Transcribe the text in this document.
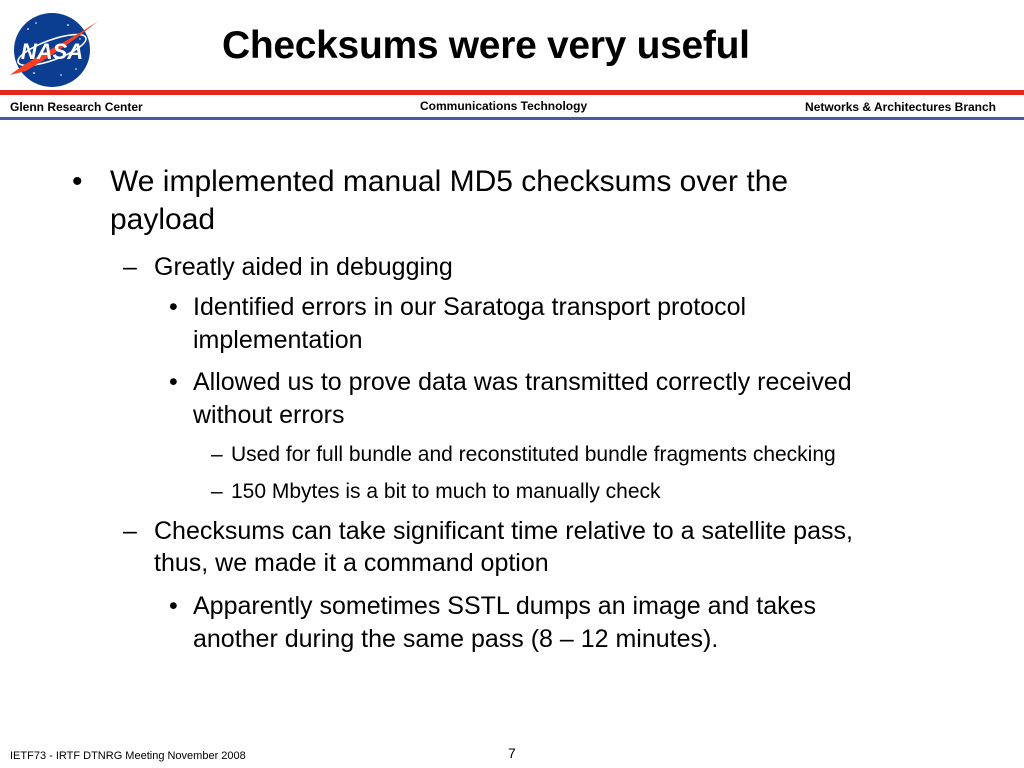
NASA	Checksums were very useful
Glenn Research Center	Communications Technology	Networks & Architectures Branch
• We implemented manual MD5 checksums over the
payload
– Greatly aided in debugging
• Identified errors in our Saratoga transport protocol
implementation
• Allowed us to prove data was transmitted correctly received
without errors
– Used for full bundle and reconstituted bundle fragments checking
– 150 Mbytes is a bit to much to manually check
– Checksums can take significant time relative to a satellite pass,
thus, we made it a command option
• Apparently sometimes SSTL dumps an image and takes
another during the same pass (8 – 12 minutes).
IETF73 - IRTF DTNRG Meeting November 2008	7
